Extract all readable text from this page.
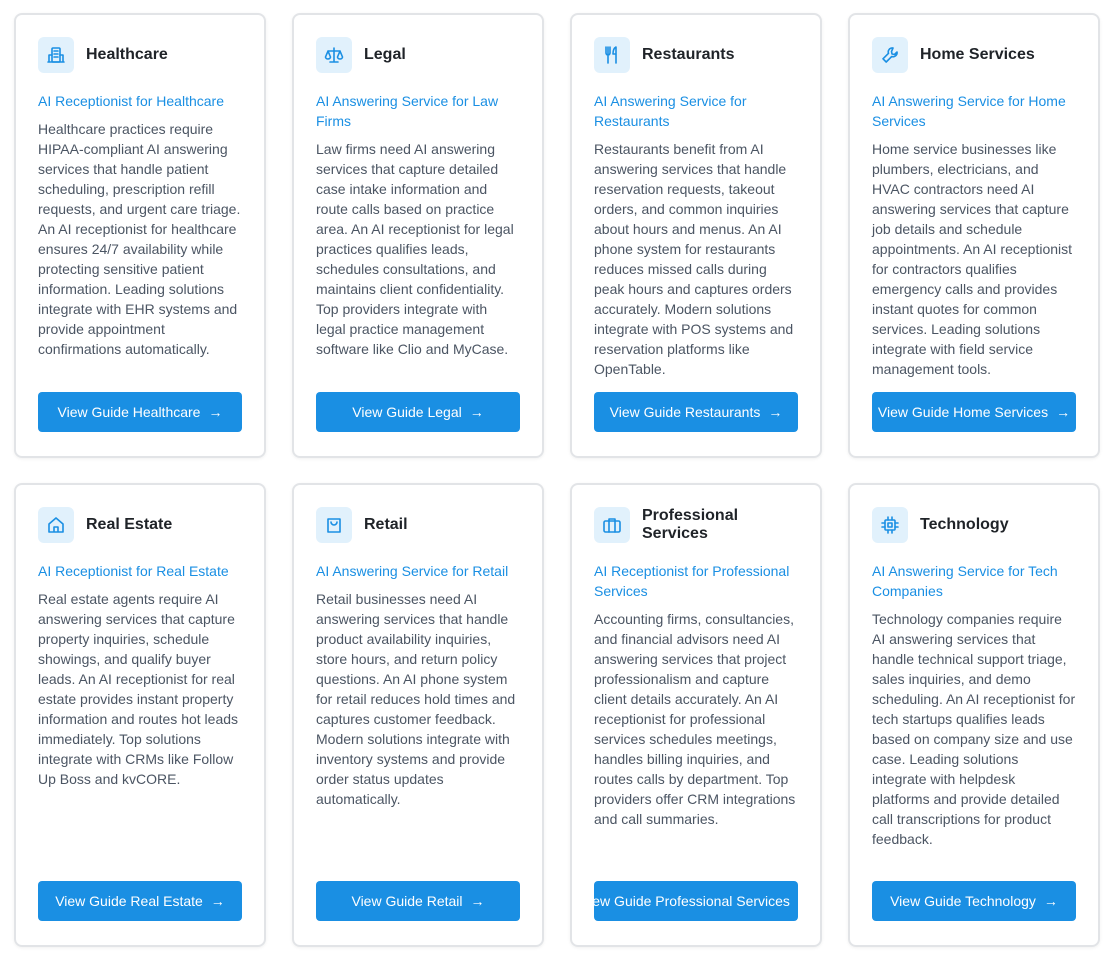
Healthcare
AI Receptionist for Healthcare
Healthcare practices require HIPAA-compliant AI answering services that handle patient scheduling, prescription refill requests, and urgent care triage. An AI receptionist for healthcare ensures 24/7 availability while protecting sensitive patient information. Leading solutions integrate with EHR systems and provide appointment confirmations automatically.
View Guide Healthcare →
Legal
AI Answering Service for Law Firms
Law firms need AI answering services that capture detailed case intake information and route calls based on practice area. An AI receptionist for legal practices qualifies leads, schedules consultations, and maintains client confidentiality. Top providers integrate with legal practice management software like Clio and MyCase.
View Guide Legal →
Restaurants
AI Answering Service for Restaurants
Restaurants benefit from AI answering services that handle reservation requests, takeout orders, and common inquiries about hours and menus. An AI phone system for restaurants reduces missed calls during peak hours and captures orders accurately. Modern solutions integrate with POS systems and reservation platforms like OpenTable.
View Guide Restaurants →
Home Services
AI Answering Service for Home Services
Home service businesses like plumbers, electricians, and HVAC contractors need AI answering services that capture job details and schedule appointments. An AI receptionist for contractors qualifies emergency calls and provides instant quotes for common services. Leading solutions integrate with field service management tools.
View Guide Home Services →
Real Estate
AI Receptionist for Real Estate
Real estate agents require AI answering services that capture property inquiries, schedule showings, and qualify buyer leads. An AI receptionist for real estate provides instant property information and routes hot leads immediately. Top solutions integrate with CRMs like Follow Up Boss and kvCORE.
View Guide Real Estate →
Retail
AI Answering Service for Retail
Retail businesses need AI answering services that handle product availability inquiries, store hours, and return policy questions. An AI phone system for retail reduces hold times and captures customer feedback. Modern solutions integrate with inventory systems and provide order status updates automatically.
View Guide Retail →
Professional Services
AI Receptionist for Professional Services
Accounting firms, consultancies, and financial advisors need AI answering services that project professionalism and capture client details accurately. An AI receptionist for professional services schedules meetings, handles billing inquiries, and routes calls by department. Top providers offer CRM integrations and call summaries.
View Guide Professional Services →
Technology
AI Answering Service for Tech Companies
Technology companies require AI answering services that handle technical support triage, sales inquiries, and demo scheduling. An AI receptionist for tech startups qualifies leads based on company size and use case. Leading solutions integrate with helpdesk platforms and provide detailed call transcriptions for product feedback.
View Guide Technology →
